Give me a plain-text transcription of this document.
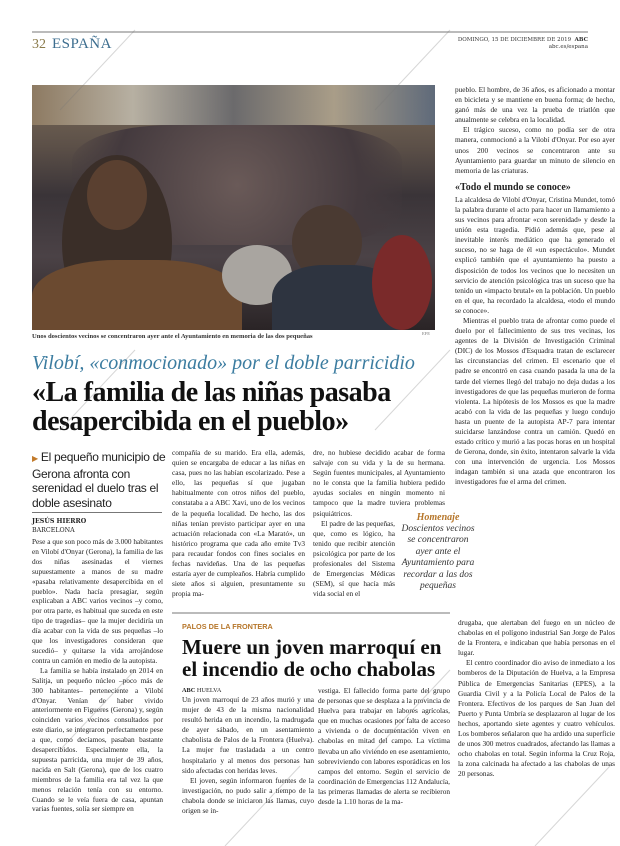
32 ESPAÑA	DOMINGO, 15 DE DICIEMBRE DE 2019 ABC
abc.es/espana
Unos doscientos vecinos se concentraron ayer ante el Ayuntamiento en memoria de las dos pequeñas	EFE
Vilobí, «conmocionado» por el doble parricidio
«La familia de las niñas pasaba desapercibida en el pueblo»
▶ El pequeño municipio de Gerona afronta con serenidad el duelo tras el doble asesinato
JESÚS HIERRO
BARCELONA

Pese a que son poco más de 3.000 habitantes en Vilobí d'Onyar (Gerona), la familia de las dos niñas asesinadas el viernes supuestamente a manos de su madre «pasaba relativamente desapercibida en el pueblo». Nada hacía presagiar, según explicaban a ABC varios vecinos –y como, por otra parte, es habitual que suceda en este tipo de tragedias– que la mujer decidiría un día acabar con la vida de sus pequeñas –lo que los investigadores consideran que sucedió– y quitarse la vida arrojándose contra un camión en medio de la autopista.

La familia se había instalado en 2014 en Salitja, un pequeño núcleo –poco más de 300 habitantes– perteneciente a Vilobí d'Onyar. Venían de haber vivido anteriormente en Figueres (Gerona) y, según coinciden varios vecinos consultados por este diario, se integraron perfectamente pese a que, como decíamos, pasaban bastante desapercibidos. Especialmente ella, la supuesta parricida, una mujer de 39 años, nacida en Salt (Gerona), que de los cuatro miembros de la familia era tal vez la que menos relación tenía con su entorno. Cuando se le veía fuera de casa, apuntan varias fuentes, solía ser siempre en

compañía de su marido. Era ella, además, quien se encargaba de educar a las niñas en casa, pues no las habían escolarizado. Pese a ello, las pequeñas sí que jugaban habitualmente con otros niños del pueblo, constataba a a ABC Xavi, uno de los vecinos de la pequeña localidad. De hecho, las dos niñas tenían previsto participar ayer en una actuación relacionada con «La Marató», un histórico programa que cada año emite Tv3 para recaudar fondos con fines sociales en fechas navideñas. Una de las pequeñas estaría ayer de cumpleaños. Habría cumplido siete años si alguien, presuntamente su propia ma-

dre, no hubiese decidido acabar de forma salvaje con su vida y la de su hermana. Según fuentes municipales, al Ayuntamiento no le consta que la familia hubiera pedido ayudas sociales en ningún momento ni tampoco que la madre tuviera problemas psiquiátricos.

El padre de las pequeñas, que, como es lógico, ha tenido que recibir atención psicológica por parte de los profesionales del Sistema de Emergencias Médicas (SEM), sí que hacía más vida social en el

Homenaje
Doscientos vecinos se concentraron ayer ante el Ayuntamiento para recordar a las dos pequeñas

pueblo. El hombre, de 36 años, es aficionado a montar en bicicleta y se mantiene en buena forma; de hecho, ganó más de una vez la prueba de triatlón que anualmente se celebra en la localidad.

El trágico suceso, como no podía ser de otra manera, conmocionó a la Vilobí d'Onyar. Por eso ayer unos 200 vecinos se concentraron ante su Ayuntamiento para guardar un minuto de silencio en memoria de las criaturas.

«Todo el mundo se conoce»

La alcaldesa de Vilobí d'Onyar, Cristina Mundet, tomó la palabra durante el acto para hacer un llamamiento a sus vecinos para afrontar «con serenidad» y desde la unión esta tragedia. Pidió además que, pese al inevitable interés mediático que ha generado el suceso, no se haga de él «un espectáculo». Mundet explicó también que el ayuntamiento ha puesto a disposición de todos los vecinos que lo necesiten un servicio de atención psicológica tras un suceso que ha tenido un «impacto brutal» en la población. Un pueblo en el que, ha recordado la alcaldesa, «todo el mundo se conoce».

Mientras el pueblo trata de afrontar como puede el duelo por el fallecimiento de sus tres vecinas, los agentes de la División de Investigación Criminal (DIC) de los Mossos d'Esquadra tratan de esclarecer las circunstancias del crimen. El escenario que el padre se encontró en casa cuando pasada la una de la tarde del viernes llegó del trabajo no deja dudas a los investigadores de que las pequeñas murieron de forma violenta. La hipótesis de los Mossos es que la madre acabó con la vida de las pequeñas y luego condujo hasta un puente de la autopista AP-7 para intentar suicidarse lanzándose contra un camión. Quedó en estado crítico y murió a las pocas horas en un hospital de Gerona, donde, sin éxito, intentaron salvarle la vida con una intervención de urgencia. Los Mossos indagan también si una azada que encontraron los investigadores fue el arma del crimen.

PALOS DE LA FRONTERA
Muere un joven marroquí en el incendio de ocho chabolas
ABC HUELVA

Un joven marroquí de 23 años murió y una mujer de 43 de la misma nacionalidad resultó herida en un incendio, la madrugada de ayer sábado, en un asentamiento chabolista de Palos de la Frontera (Huelva). La mujer fue trasladada a un centro hospitalario y al menos dos personas han sido afectadas con heridas leves.

El joven, según informaron fuentes de la investigación, no pudo salir a tiempo de la chabola donde se iniciaron las llamas, cuyo origen se in-

vestiga. El fallecido forma parte del grupo de personas que se desplaza a la provincia de Huelva para trabajar en labores agrícolas, que en muchas ocasiones por falta de acceso a vivienda o de documentación viven en chabolas en mitad del campo. La víctima llevaba un año viviendo en ese asentamiento, sobreviviendo con labores esporádicas en los campos del entorno. Según el servicio de coordinación de Emergencias 112 Andalucía, las primeras llamadas de alerta se recibieron desde la 1.10 horas de la ma-

drugaba, que alertaban del fuego en un núcleo de chabolas en el polígono industrial San Jorge de Palos de la Frontera, e indicaban que había personas en el lugar.

El centro coordinador dio aviso de inmediato a los bomberos de la Diputación de Huelva, a la Empresa Pública de Emergencias Sanitarias (EPES), a la Guardia Civil y a la Policía Local de Palos de la Frontera. Efectivos de los parques de San Juan del Puerto y Punta Umbría se desplazaron al lugar de los hechos, aportando siete agentes y cuatro vehículos. Los bomberos señalaron que ha ardido una superficie de unos 300 metros cuadrados, afectando las llamas a ocho chabolas en total. Según informa la Cruz Roja, la zona calcinada ha afectado a las chabolas de unas 20 personas.
